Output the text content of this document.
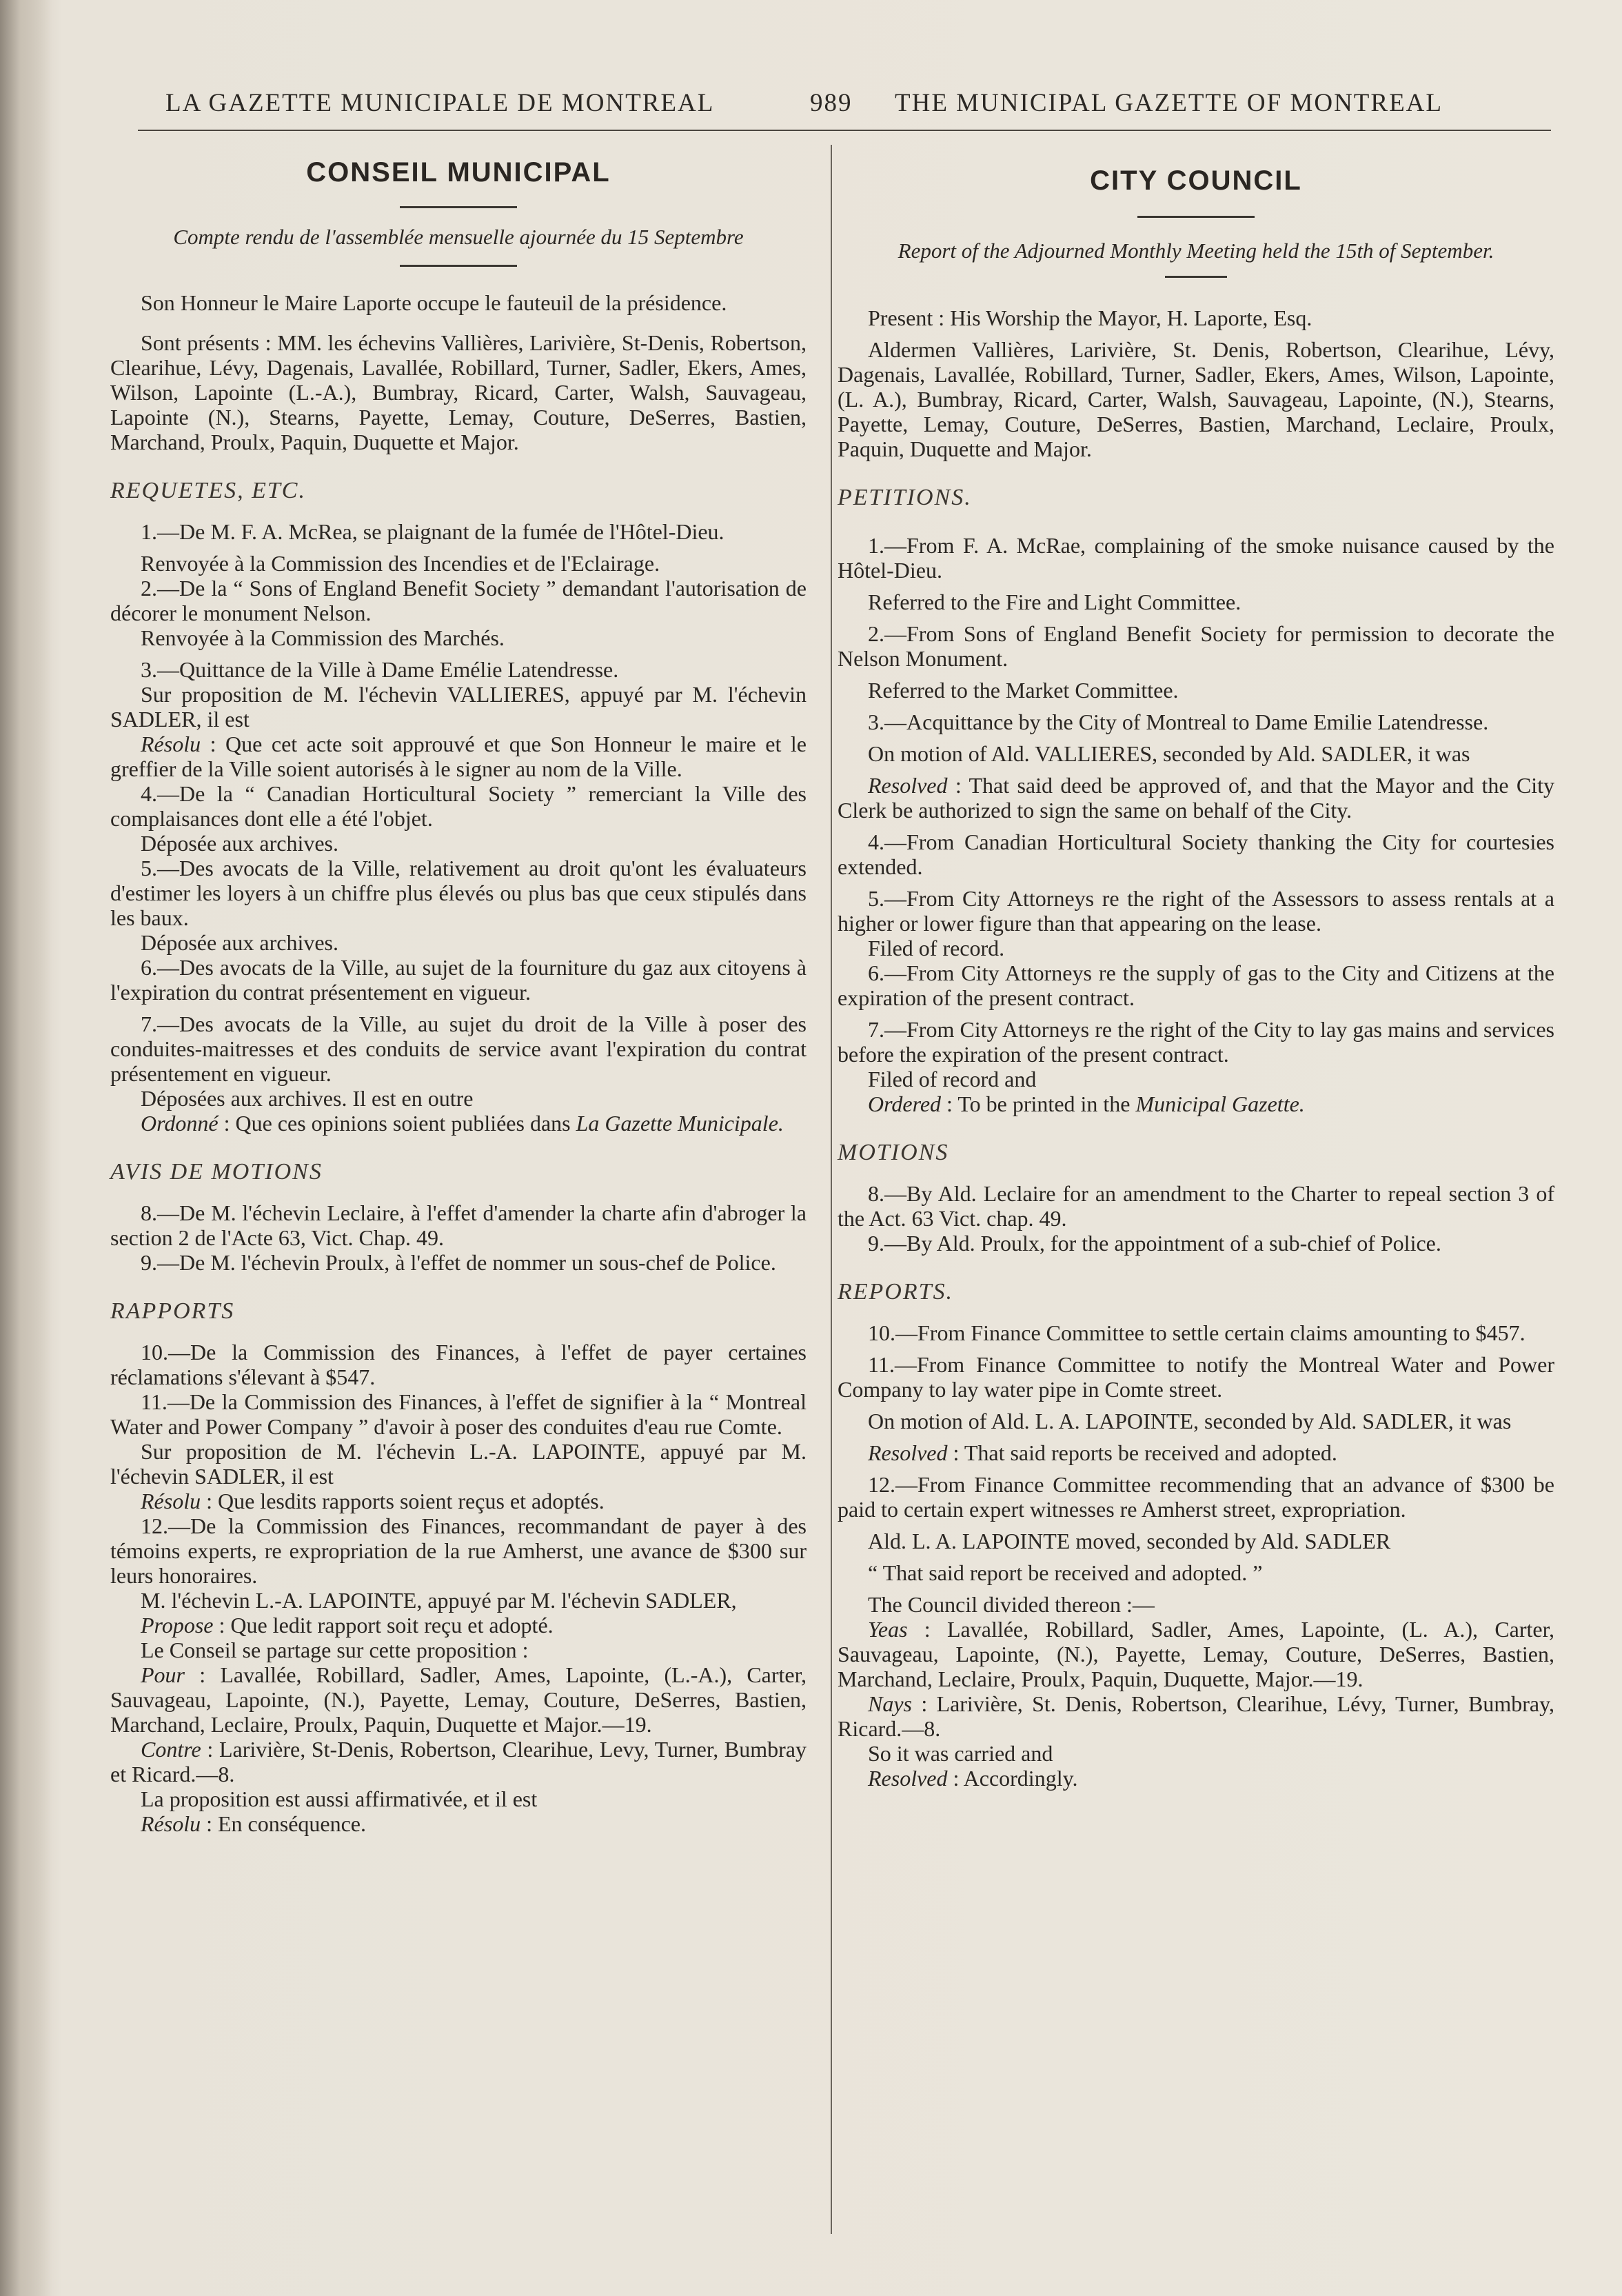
LA GAZETTE MUNICIPALE DE MONTREAL	989 THE MUNICIPAL GAZETTE OF MONTREAL
CONSEIL MUNICIPAL
Compte rendu de l'assemblée mensuelle ajournée du 15 Septembre

Son Honneur le Maire Laporte occupe le fauteuil de la présidence.

Sont présents : MM. les échevins Vallières, Larivière, St-Denis, Robertson, Clearihue, Lévy, Dagenais, Lavallée, Robillard, Turner, Sadler, Ekers, Ames, Wilson, Lapointe (L.-A.), Bumbray, Ricard, Carter, Walsh, Sauvageau, Lapointe (N.), Stearns, Payette, Lemay, Couture, DeSerres, Bastien, Marchand, Proulx, Paquin, Duquette et Major.

REQUETES, ETC.

1.—De M. F. A. McRea, se plaignant de la fumée de l'Hôtel-Dieu.

Renvoyée à la Commission des Incendies et de l'Eclairage.

2.—De la “ Sons of England Benefit Society ” demandant l'autorisation de décorer le monument Nelson.

Renvoyée à la Commission des Marchés.

3.—Quittance de la Ville à Dame Emélie Latendresse.

Sur proposition de M. l'échevin VALLIERES, appuyé par M. l'échevin SADLER, il est

Résolu : Que cet acte soit approuvé et que Son Honneur le maire et le greffier de la Ville soient autorisés à le signer au nom de la Ville.

4.—De la “ Canadian Horticultural Society ” remerciant la Ville des complaisances dont elle a été l'objet.

Déposée aux archives.

5.—Des avocats de la Ville, relativement au droit qu'ont les évaluateurs d'estimer les loyers à un chiffre plus élevés ou plus bas que ceux stipulés dans les baux.

Déposée aux archives.

6.—Des avocats de la Ville, au sujet de la fourniture du gaz aux citoyens à l'expiration du contrat présentement en vigueur.

7.—Des avocats de la Ville, au sujet du droit de la Ville à poser des conduites-maitresses et des conduits de service avant l'expiration du contrat présentement en vigueur.

Déposées aux archives. Il est en outre

Ordonné : Que ces opinions soient publiées dans La Gazette Municipale.

AVIS DE MOTIONS

8.—De M. l'échevin Leclaire, à l'effet d'amender la charte afin d'abroger la section 2 de l'Acte 63, Vict. Chap. 49.

9.—De M. l'échevin Proulx, à l'effet de nommer un sous-chef de Police.

RAPPORTS

10.—De la Commission des Finances, à l'effet de payer certaines réclamations s'élevant à $547.

11.—De la Commission des Finances, à l'effet de signifier à la “ Montreal Water and Power Company ” d'avoir à poser des conduites d'eau rue Comte.

Sur proposition de M. l'échevin L.-A. LAPOINTE, appuyé par M. l'échevin SADLER, il est

Résolu : Que lesdits rapports soient reçus et adoptés.

12.—De la Commission des Finances, recommandant de payer à des témoins experts, re expropriation de la rue Amherst, une avance de $300 sur leurs honoraires.

M. l'échevin L.-A. LAPOINTE, appuyé par M. l'échevin SADLER,

Propose : Que ledit rapport soit reçu et adopté.

Le Conseil se partage sur cette proposition :

Pour : Lavallée, Robillard, Sadler, Ames, Lapointe, (L.-A.), Carter, Sauvageau, Lapointe, (N.), Payette, Lemay, Couture, DeSerres, Bastien, Marchand, Leclaire, Proulx, Paquin, Duquette et Major.—19.

Contre : Larivière, St-Denis, Robertson, Clearihue, Levy, Turner, Bumbray et Ricard.—8.

La proposition est aussi affirmativée, et il est

Résolu : En conséquence.

CITY COUNCIL
Report of the Adjourned Monthly Meeting held the 15th of September.

Present : His Worship the Mayor, H. Laporte, Esq.

Aldermen Vallières, Larivière, St. Denis, Robertson, Clearihue, Lévy, Dagenais, Lavallée, Robillard, Turner, Sadler, Ekers, Ames, Wilson, Lapointe, (L. A.), Bumbray, Ricard, Carter, Walsh, Sauvageau, Lapointe, (N.), Stearns, Payette, Lemay, Couture, DeSerres, Bastien, Marchand, Leclaire, Proulx, Paquin, Duquette and Major.

PETITIONS.

1.—From F. A. McRae, complaining of the smoke nuisance caused by the Hôtel-Dieu.

Referred to the Fire and Light Committee.

2.—From Sons of England Benefit Society for permission to decorate the Nelson Monument.

Referred to the Market Committee.

3.—Acquittance by the City of Montreal to Dame Emilie Latendresse.

On motion of Ald. VALLIERES, seconded by Ald. SADLER, it was

Resolved : That said deed be approved of, and that the Mayor and the City Clerk be authorized to sign the same on behalf of the City.

4.—From Canadian Horticultural Society thanking the City for courtesies extended.

5.—From City Attorneys re the right of the Assessors to assess rentals at a higher or lower figure than that appearing on the lease.

Filed of record.

6.—From City Attorneys re the supply of gas to the City and Citizens at the expiration of the present contract.

7.—From City Attorneys re the right of the City to lay gas mains and services before the expiration of the present contract.

Filed of record and

Ordered : To be printed in the Municipal Gazette.

MOTIONS

8.—By Ald. Leclaire for an amendment to the Charter to repeal section 3 of the Act. 63 Vict. chap. 49.

9.—By Ald. Proulx, for the appointment of a sub-chief of Police.

REPORTS.

10.—From Finance Committee to settle certain claims amounting to $457.

11.—From Finance Committee to notify the Montreal Water and Power Company to lay water pipe in Comte street.

On motion of Ald. L. A. LAPOINTE, seconded by Ald. SADLER, it was

Resolved : That said reports be received and adopted.

12.—From Finance Committee recommending that an advance of $300 be paid to certain expert witnesses re Amherst street, expropriation.

Ald. L. A. LAPOINTE moved, seconded by Ald. SADLER

“ That said report be received and adopted. ”

The Council divided thereon :—

Yeas : Lavallée, Robillard, Sadler, Ames, Lapointe, (L. A.), Carter, Sauvageau, Lapointe, (N.), Payette, Lemay, Couture, DeSerres, Bastien, Marchand, Leclaire, Proulx, Paquin, Duquette, Major.—19.

Nays : Larivière, St. Denis, Robertson, Clearihue, Lévy, Turner, Bumbray, Ricard.—8.

So it was carried and

Resolved : Accordingly.
